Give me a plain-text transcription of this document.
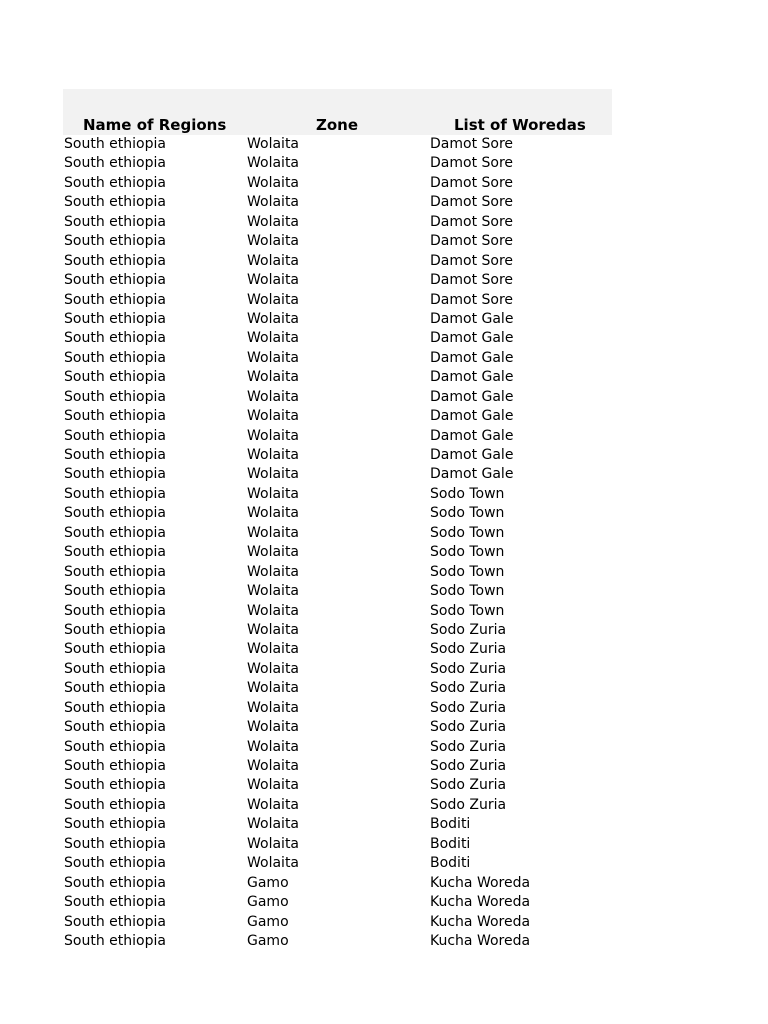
Name of Regions	Zone	List of Woredas
South ethiopia	Wolaita	Damot Sore
South ethiopia	Wolaita	Damot Sore
South ethiopia	Wolaita	Damot Sore
South ethiopia	Wolaita	Damot Sore
South ethiopia	Wolaita	Damot Sore
South ethiopia	Wolaita	Damot Sore
South ethiopia	Wolaita	Damot Sore
South ethiopia	Wolaita	Damot Sore
South ethiopia	Wolaita	Damot Sore
South ethiopia	Wolaita	Damot Gale
South ethiopia	Wolaita	Damot Gale
South ethiopia	Wolaita	Damot Gale
South ethiopia	Wolaita	Damot Gale
South ethiopia	Wolaita	Damot Gale
South ethiopia	Wolaita	Damot Gale
South ethiopia	Wolaita	Damot Gale
South ethiopia	Wolaita	Damot Gale
South ethiopia	Wolaita	Damot Gale
South ethiopia	Wolaita	Sodo Town
South ethiopia	Wolaita	Sodo Town
South ethiopia	Wolaita	Sodo Town
South ethiopia	Wolaita	Sodo Town
South ethiopia	Wolaita	Sodo Town
South ethiopia	Wolaita	Sodo Town
South ethiopia	Wolaita	Sodo Town
South ethiopia	Wolaita	Sodo Zuria
South ethiopia	Wolaita	Sodo Zuria
South ethiopia	Wolaita	Sodo Zuria
South ethiopia	Wolaita	Sodo Zuria
South ethiopia	Wolaita	Sodo Zuria
South ethiopia	Wolaita	Sodo Zuria
South ethiopia	Wolaita	Sodo Zuria
South ethiopia	Wolaita	Sodo Zuria
South ethiopia	Wolaita	Sodo Zuria
South ethiopia	Wolaita	Sodo Zuria
South ethiopia	Wolaita	Boditi
South ethiopia	Wolaita	Boditi
South ethiopia	Wolaita	Boditi
South ethiopia	Gamo	Kucha Woreda
South ethiopia	Gamo	Kucha Woreda
South ethiopia	Gamo	Kucha Woreda
South ethiopia	Gamo	Kucha Woreda
